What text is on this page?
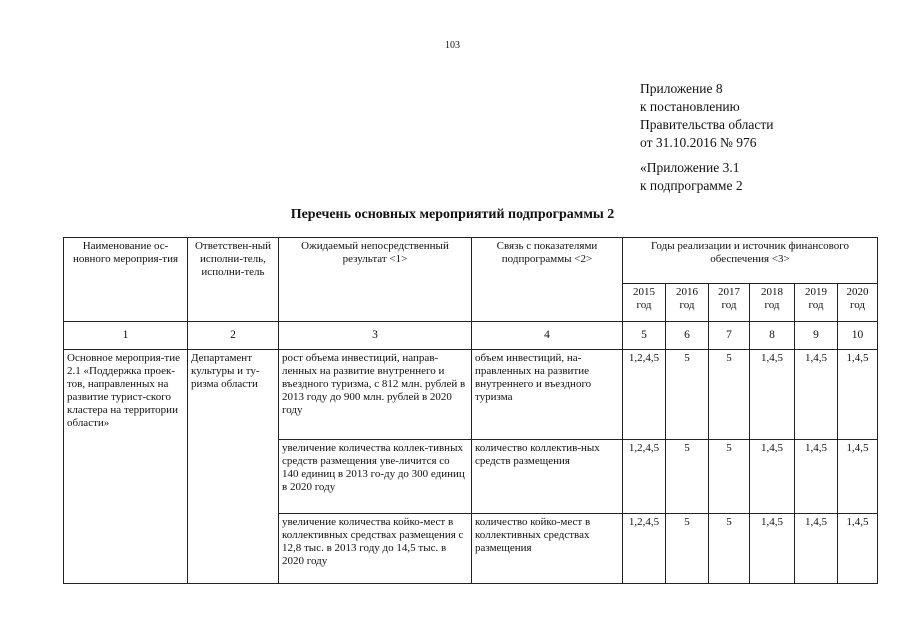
103
Приложение 8
к постановлению
Правительства области
от 31.10.2016 № 976
«Приложение 3.1
к подпрограмме 2
Перечень основных мероприятий подпрограммы 2
Наименование ос-новного мероприя-тия	Ответствен-ный исполни-тель, исполни-тель	Ожидаемый непосредственный результат <1>	Связь с показателями подпрограммы <2>	Годы реализации и источник финансового обеспечения <3>					
				2015 год	2016 год	2017 год	2018 год	2019 год	2020 год
1	2	3	4	5	6	7	8	9	10
Основное мероприя-тие 2.1 «Поддержка проек-тов, направленных на развитие турист-ского кластера на территории области»	Департамент культуры и ту-ризма области	рост объема инвестиций, направ-ленных на развитие внутреннего и въездного туризма, с 812 млн. рублей в 2013 году до 900 млн. рублей в 2020 году	объем инвестиций, на-правленных на развитие внутреннего и въездного туризма	1,2,4,5	5	5	1,4,5	1,4,5	1,4,5
		увеличение количества коллек-тивных средств размещения уве-личится со 140 единиц в 2013 го-ду до 300 единиц в 2020 году	количество коллектив-ных средств размещения	1,2,4,5	5	5	1,4,5	1,4,5	1,4,5
		увеличение количества койко-мест в коллективных средствах размещения с 12,8 тыс. в 2013 году до 14,5 тыс. в 2020 году	количество койко-мест в коллективных средствах размещения	1,2,4,5	5	5	1,4,5	1,4,5	1,4,5
